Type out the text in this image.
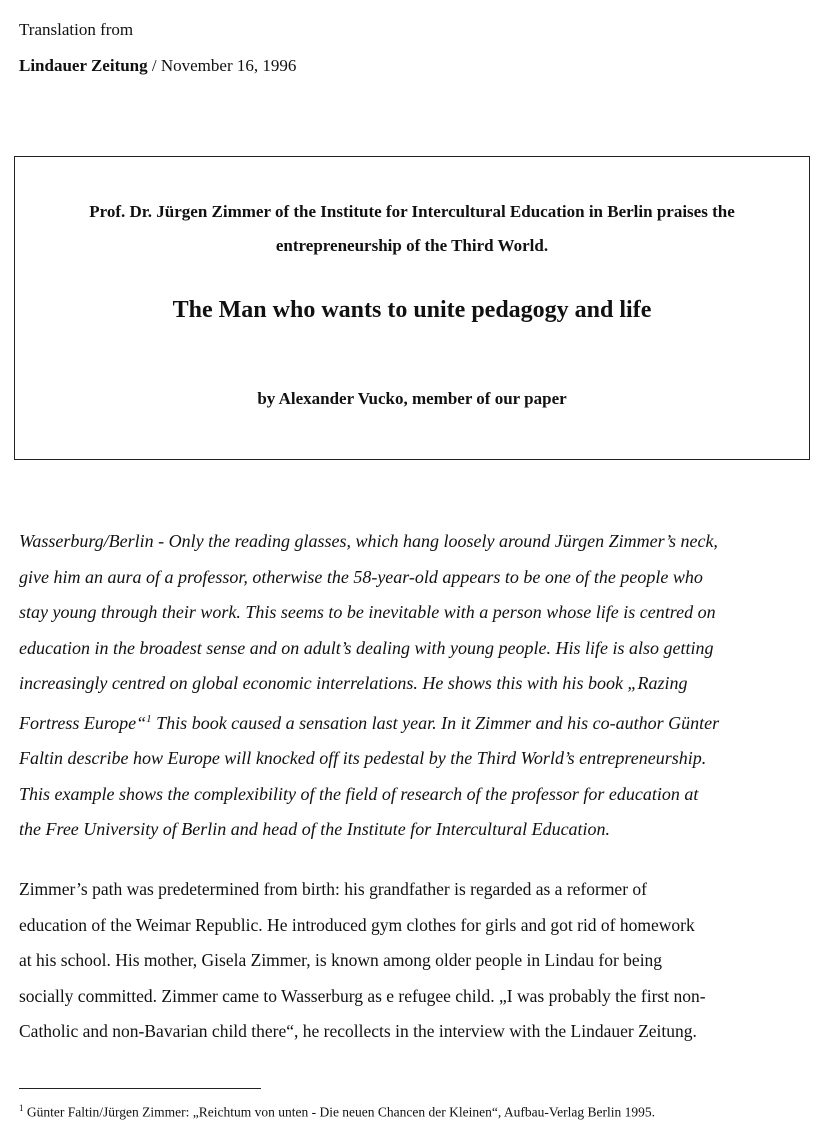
Translation from
Lindauer Zeitung / November 16, 1996
Prof. Dr. Jürgen Zimmer of the Institute for Intercultural Education in Berlin praises the entrepreneurship of the Third World.
The Man who wants to unite pedagogy and life
by Alexander Vucko, member of our paper
Wasserburg/Berlin - Only the reading glasses, which hang loosely around Jürgen Zimmer’s neck,
give him an aura of a professor, otherwise the 58-year-old appears to be one of the people who
stay young through their work. This seems to be inevitable with a person whose life is centred on
education in the broadest sense and on adult’s dealing with young people. His life is also getting
increasingly centred on global economic interrelations. He shows this with his book „Razing
Fortress Europe“$^1$ This book caused a sensation last year. In it Zimmer and his co-author Günter
Faltin describe how Europe will knocked off its pedestal by the Third World’s entrepreneurship.
This example shows the complexibility of the field of research of the professor for education at
the Free University of Berlin and head of the Institute for Intercultural Education.
Zimmer’s path was predetermined from birth: his grandfather is regarded as a reformer of
education of the Weimar Republic. He introduced gym clothes for girls and got rid of homework
at his school. His mother, Gisela Zimmer, is known among older people in Lindau for being
socially committed. Zimmer came to Wasserburg as e refugee child. „I was probably the first non-
Catholic and non-Bavarian child there“, he recollects in the interview with the Lindauer Zeitung.
$^1$ Günter Faltin/Jürgen Zimmer: „Reichtum von unten - Die neuen Chancen der Kleinen“, Aufbau-Verlag Berlin 1995.
